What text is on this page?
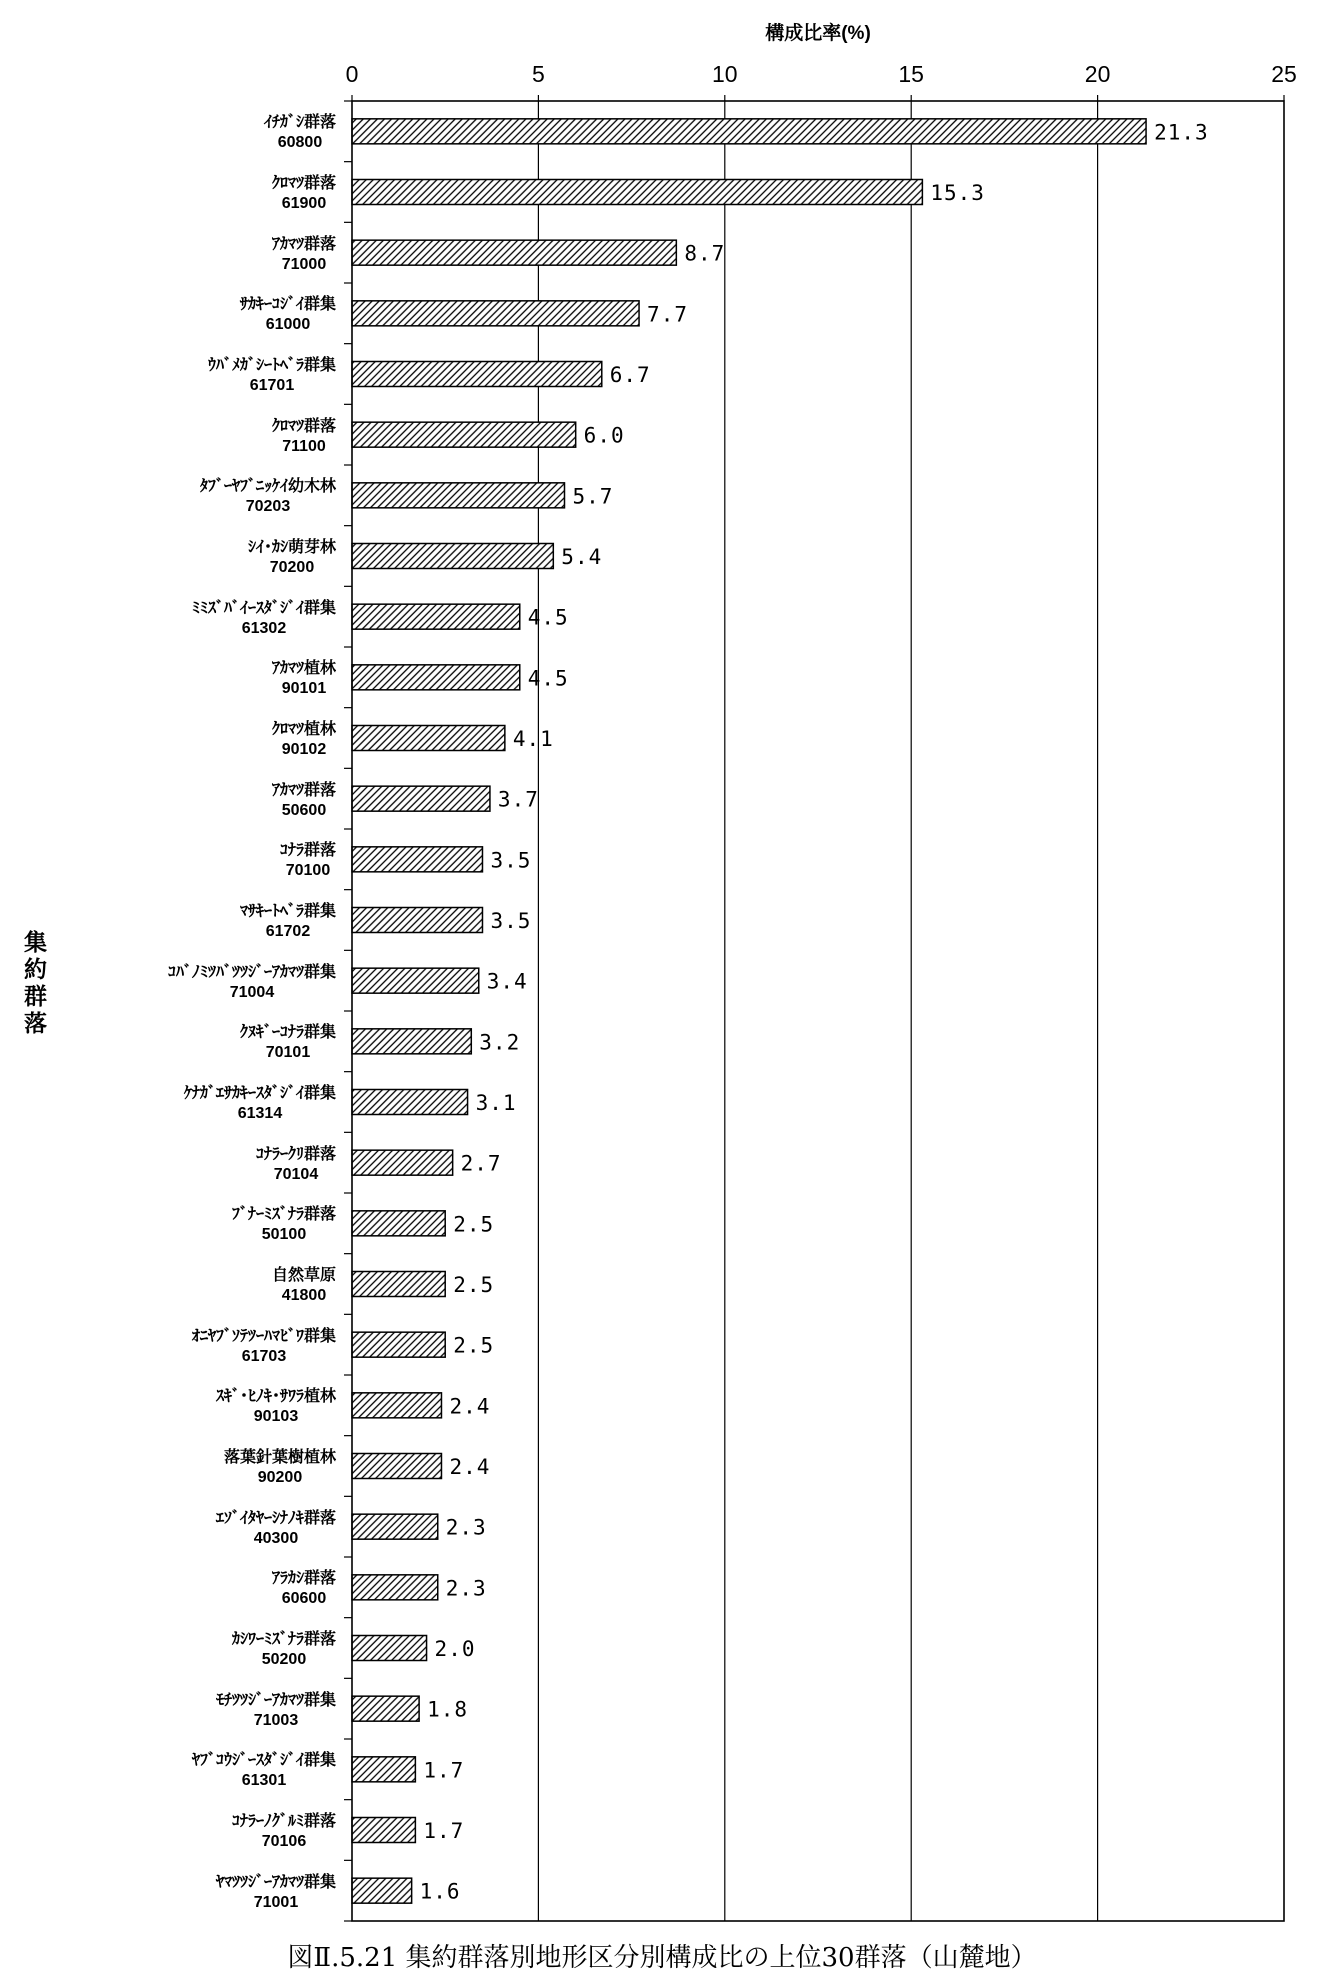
0	5	10	15	20	25
21.3
15.3
8.7
7.7
6.7
6.0
5.7
5.4
4.5
4.5
4.1
3.7
3.5
3.5
3.4
3.2
3.1
2.7
2.5
2.5
2.5
2.4
2.4
2.3
2.3
2.0
1.8
1.7
1.7
1.6
構成比率(%)
集約群落
ｲﾁｶﾞｼ群落
60800
ｸﾛﾏﾂ群落
61900
ｱｶﾏﾂ群落
71000
ｻｶｷｰｺｼﾞｲ群集
61000
ｳﾊﾞﾒｶﾞｼｰﾄﾍﾞﾗ群集
61701
ｸﾛﾏﾂ群落
71100
ﾀﾌﾞｰﾔﾌﾞﾆｯｹｲ幼木林
70203
ｼｲ･ｶｼ萌芽林
70200
ﾐﾐｽﾞﾊﾞｲｰｽﾀﾞｼﾞｲ群集
61302
ｱｶﾏﾂ植林
90101
ｸﾛﾏﾂ植林
90102
ｱｶﾏﾂ群落
50600
ｺﾅﾗ群落
70100
ﾏｻｷｰﾄﾍﾞﾗ群集
61702
ｺﾊﾞﾉﾐﾂﾊﾞﾂﾂｼﾞｰｱｶﾏﾂ群集
71004
ｸﾇｷﾞｰｺﾅﾗ群集
70101
ｹﾅｶﾞｴｻｶｷｰｽﾀﾞｼﾞｲ群集
61314
ｺﾅﾗｰｸﾘ群落
70104
ﾌﾞﾅｰﾐｽﾞﾅﾗ群落
50100
自然草原
41800
ｵﾆﾔﾌﾞｿﾃﾂｰﾊﾏﾋﾞﾜ群集
61703
ｽｷﾞ･ﾋﾉｷ･ｻﾜﾗ植林
90103
落葉針葉樹植林
90200
ｴｿﾞｲﾀﾔｰｼﾅﾉｷ群落
40300
ｱﾗｶｼ群落
60600
ｶｼﾜｰﾐｽﾞﾅﾗ群落
50200
ﾓﾁﾂﾂｼﾞｰｱｶﾏﾂ群集
71003
ﾔﾌﾞｺｳｼﾞｰｽﾀﾞｼﾞｲ群集
61301
ｺﾅﾗｰﾉｸﾞﾙﾐ群落
70106
ﾔﾏﾂﾂｼﾞｰｱｶﾏﾂ群集
71001
図Ⅱ.5.21 集約群落別地形区分別構成比の上位30群落（山麓地）
